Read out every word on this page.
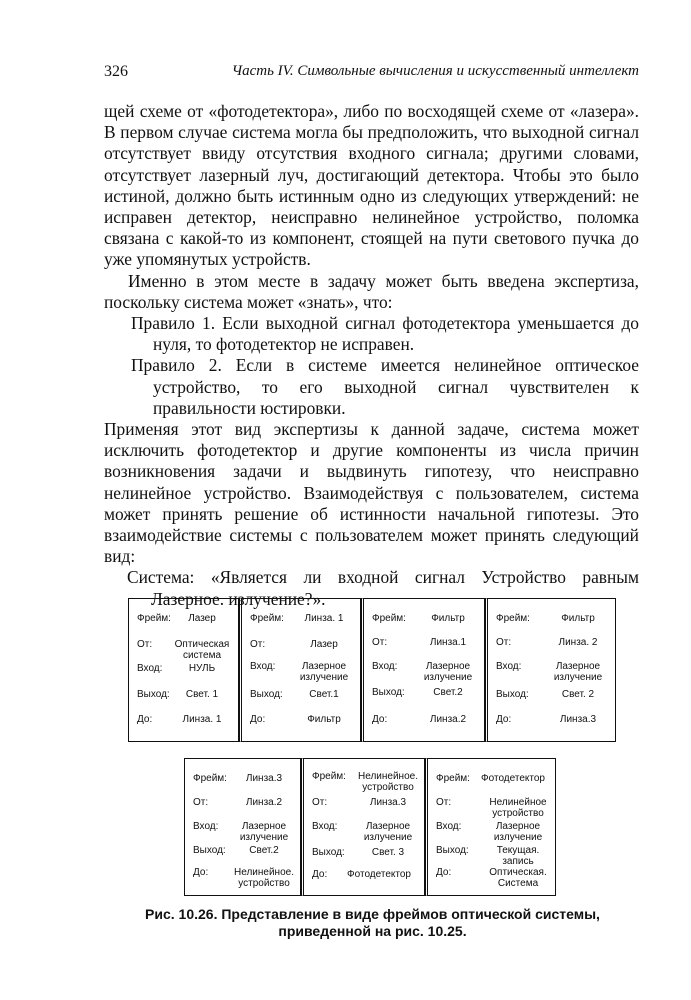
326	Часть IV. Символьные вычисления и искусственный интеллект

щей схеме от «фотодетектора», либо по восходящей схеме от «лазера». В первом случае система могла бы предположить, что выходной сигнал отсутствует ввиду отсутствия входного сигнала; другими словами, отсутствует лазерный луч, достигающий детектора. Чтобы это было истиной, должно быть истинным одно из следующих утверждений: не исправен детектор, неисправно нелинейное устройство, поломка связана с какой-то из компонент, стоящей на пути светового пучка до уже упомянутых устройств.

Именно в этом месте в задачу может быть введена экспертиза, поскольку система может «знать», что:

Правило 1. Если выходной сигнал фотодетектора уменьшается до нуля, то фотодетектор не исправен.

Правило 2. Если в системе имеется нелинейное оптическое устройство, то его выходной сигнал чувствителен к правильности юстировки.

Применяя этот вид экспертизы к данной задаче, система может исключить фотодетектор и другие компоненты из числа причин возникновения задачи и выдвинуть гипотезу, что неисправно нелинейное устройство. Взаимодействуя с пользователем, система может принять решение об истинности начальной гипотезы. Это взаимодействие системы с пользователем может принять следующий вид:

Система: «Является ли входной сигнал Устройство равным Лазерное. излучение?».

Фрейм:	Лазер
От:	Оптическая система
Вход:	НУЛЬ
Выход:	Свет. 1
До:	Линза. 1
Фрейм:	Линза. 1
От:	Лазер
Вход:	Лазерное излучение
Выход:	Свет.1
До:	Фильтр
Фрейм:	Фильтр
От:	Линза.1
Вход:	Лазерное излучение
Выход:	Свет.2
До:	Линза.2
Фрейм:	Фильтр
От:	Линза. 2
Вход:	Лазерное излучение
Выход:	Свет. 2
До:	Линза.3
Фрейм:	Линза.3
От:	Линза.2
Вход:	Лазерное излучение
Выход:	Свет.2
До:	Нелинейное. устройство
Фрейм: Нелинейное. устройство
От:	Линза.3
Вход:	Лазерное излучение
Выход:	Свет. 3
До:	Фотодетектор
Фрейм:	Фотодетектор
От:	Нелинейное устройство
Вход:	Лазерное излучение
Выход:	Текущая. запись
До:	Оптическая. Система
Рис. 10.26. Представление в виде фреймов оптической системы, приведенной на рис. 10.25.
